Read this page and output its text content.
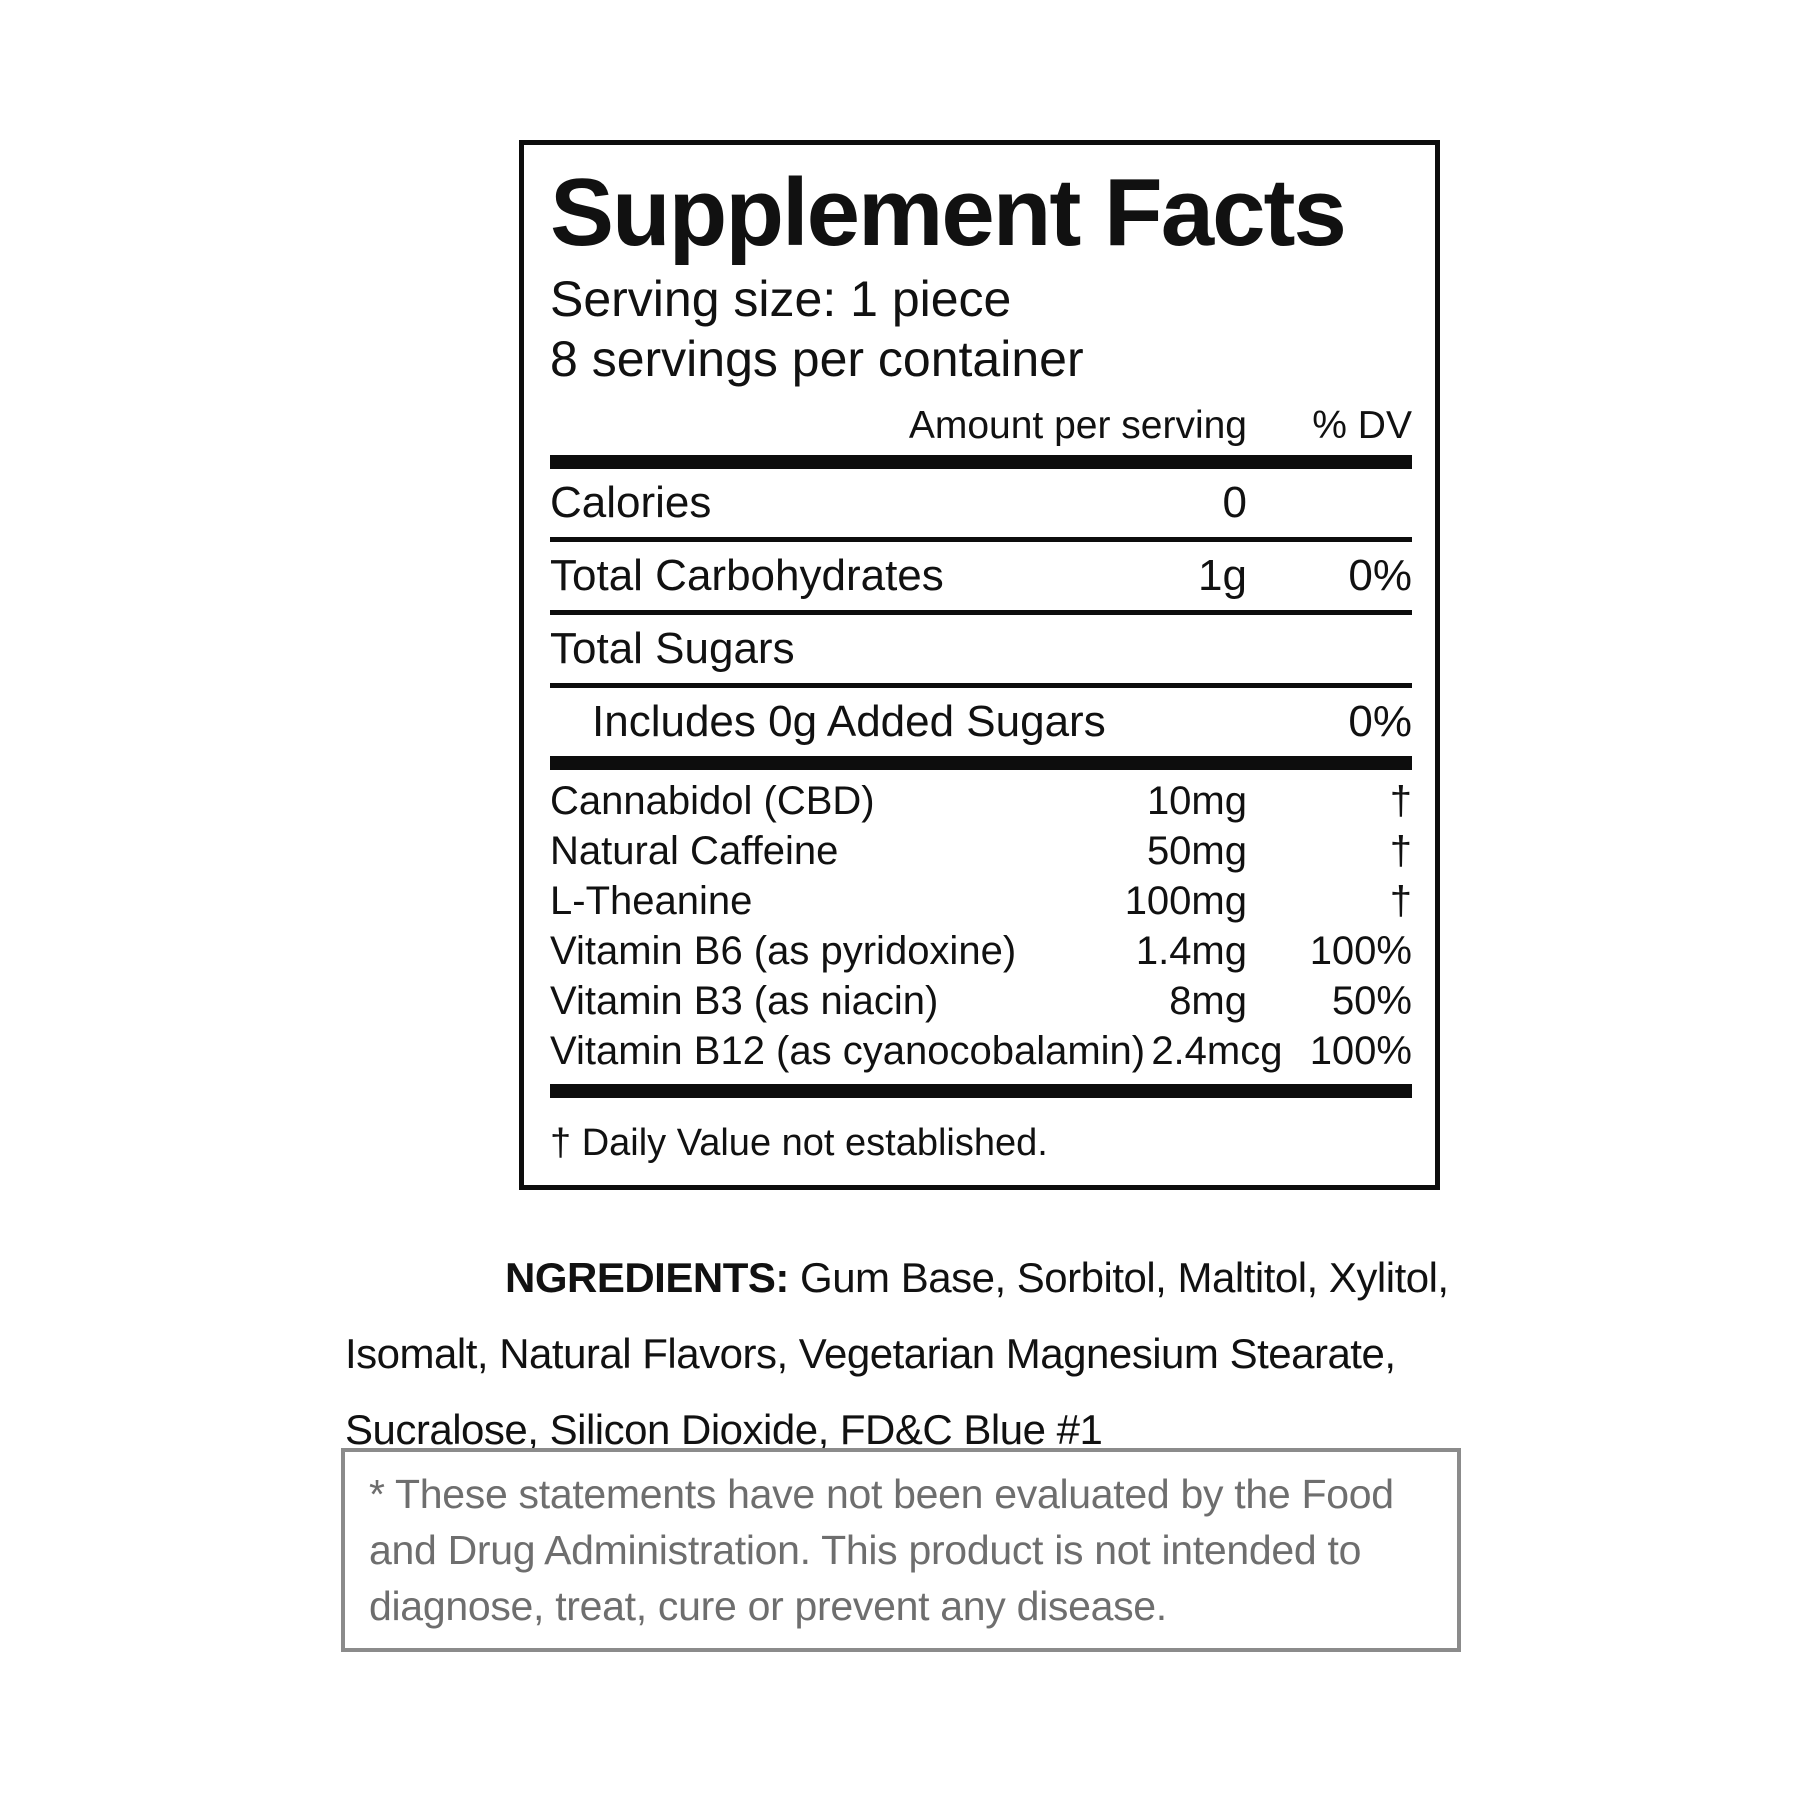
Supplement Facts
Serving size: 1 piece
8 servings per container
Amount per serving	% DV
Calories	0
Total Carbohydrates	1g	0%
Total Sugars
Includes 0g Added Sugars	0%
Cannabidol (CBD)	10mg	†
Natural Caffeine	50mg	†
L-Theanine	100mg	†
Vitamin B6 (as pyridoxine)	1.4mg	100%
Vitamin B3 (as niacin)	8mg	50%
Vitamin B12 (as cyanocobalamin) 2.4mcg 100%
† Daily Value not established.
NGREDIENTS: Gum Base, Sorbitol, Maltitol, Xylitol,
Isomalt, Natural Flavors, Vegetarian Magnesium Stearate,
Sucralose, Silicon Dioxide, FD&C Blue #1
* These statements have not been evaluated by the Food
and Drug Administration. This product is not intended to
diagnose, treat, cure or prevent any disease.
